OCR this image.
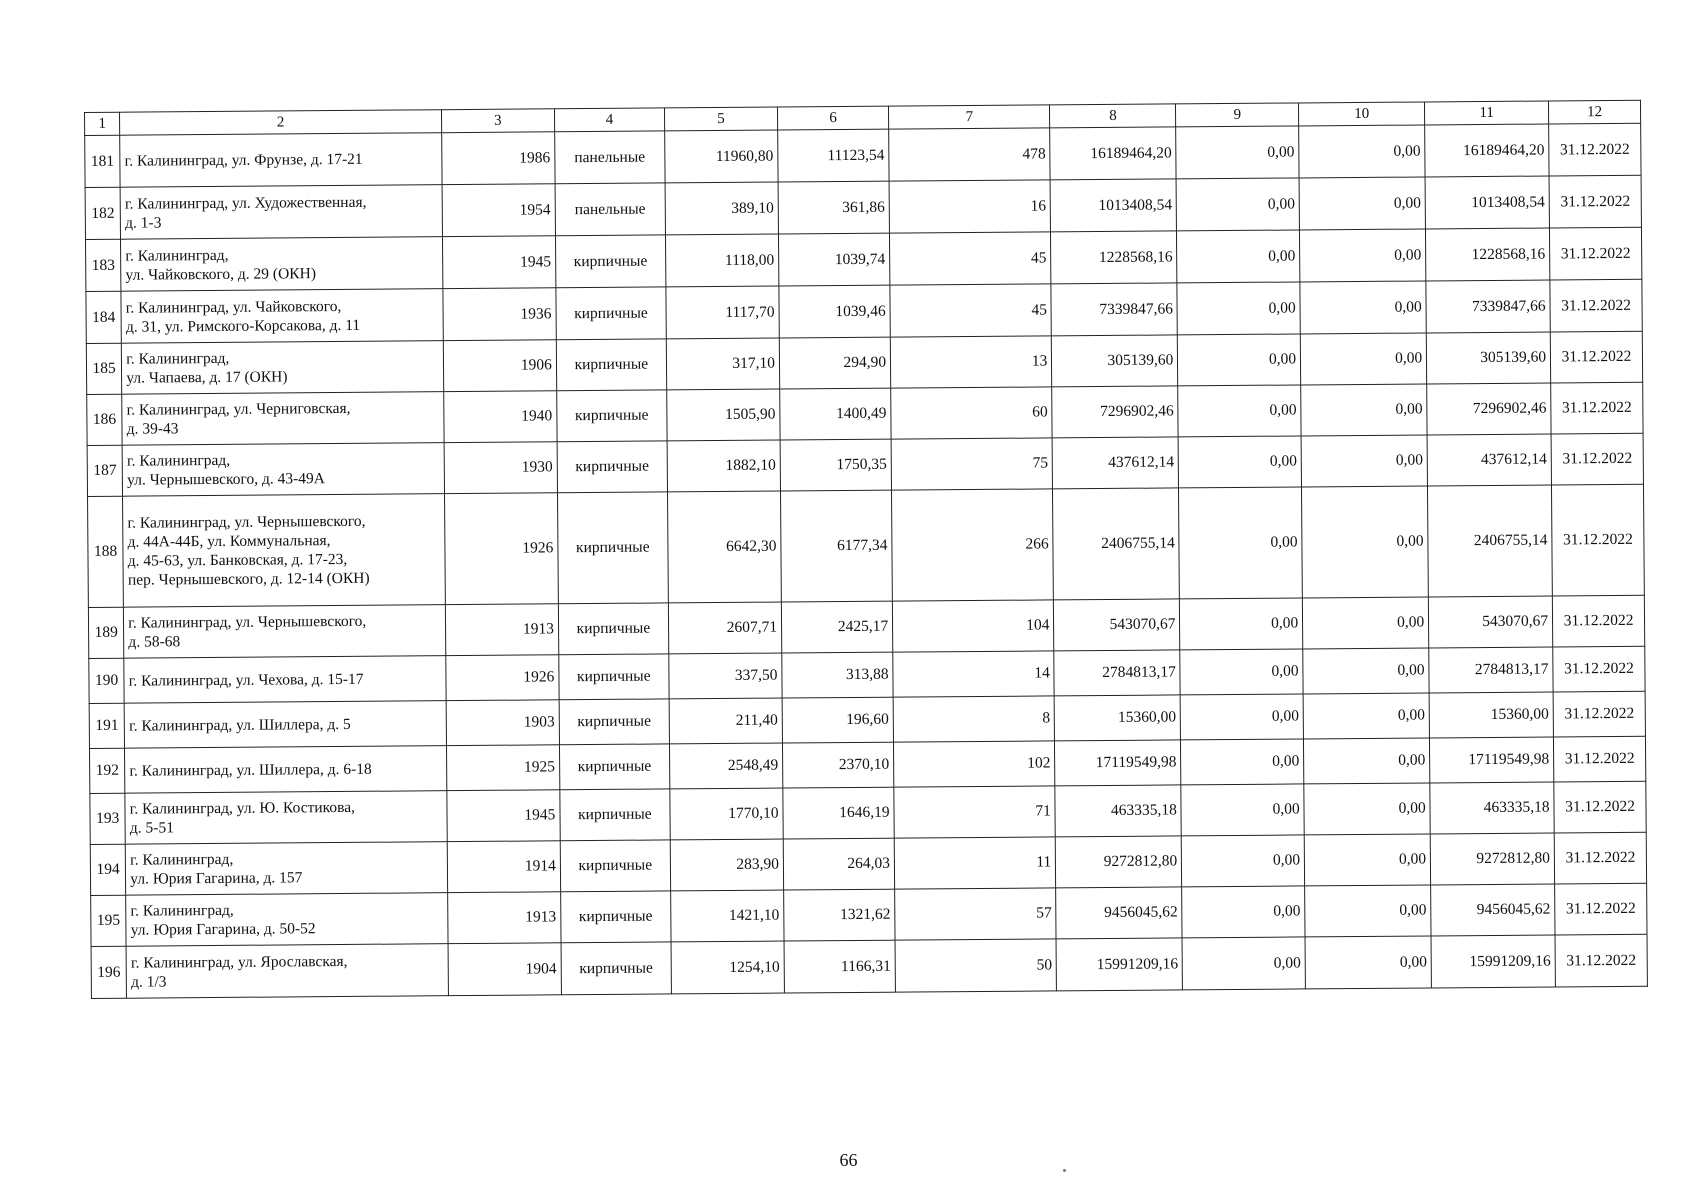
1	2	3	4	5	6	7	8	9	10	11	12
181	г. Калининград, ул. Фрунзе, д. 17-21	1986	панельные	11960,80	11123,54	478	16189464,20	0,00	0,00	16189464,20	31.12.2022
182	г. Калининград, ул. Художественная,
д. 1-3	1954	панельные	389,10	361,86	16	1013408,54	0,00	0,00	1013408,54	31.12.2022
183	г. Калининград,
ул. Чайковского, д. 29 (ОКН)	1945	кирпичные	1118,00	1039,74	45	1228568,16	0,00	0,00	1228568,16	31.12.2022
184	г. Калининград, ул. Чайковского,
д. 31, ул. Римского-Корсакова, д. 11	1936	кирпичные	1117,70	1039,46	45	7339847,66	0,00	0,00	7339847,66	31.12.2022
185	г. Калининград,
ул. Чапаева, д. 17 (ОКН)	1906	кирпичные	317,10	294,90	13	305139,60	0,00	0,00	305139,60	31.12.2022
186	г. Калининград, ул. Черниговская,
д. 39-43	1940	кирпичные	1505,90	1400,49	60	7296902,46	0,00	0,00	7296902,46	31.12.2022
187	г. Калининград,
ул. Чернышевского, д. 43-49А	1930	кирпичные	1882,10	1750,35	75	437612,14	0,00	0,00	437612,14	31.12.2022
188	г. Калининград, ул. Чернышевского,
д. 44А-44Б, ул. Коммунальная,
д. 45-63, ул. Банковская, д. 17-23,
пер. Чернышевского, д. 12-14 (ОКН)	1926	кирпичные	6642,30	6177,34	266	2406755,14	0,00	0,00	2406755,14	31.12.2022
189	г. Калининград, ул. Чернышевского,
д. 58-68	1913	кирпичные	2607,71	2425,17	104	543070,67	0,00	0,00	543070,67	31.12.2022
190	г. Калининград, ул. Чехова, д. 15-17	1926	кирпичные	337,50	313,88	14	2784813,17	0,00	0,00	2784813,17	31.12.2022
191	г. Калининград, ул. Шиллера, д. 5	1903	кирпичные	211,40	196,60	8	15360,00	0,00	0,00	15360,00	31.12.2022
192	г. Калининград, ул. Шиллера, д. 6-18	1925	кирпичные	2548,49	2370,10	102	17119549,98	0,00	0,00	17119549,98	31.12.2022
193	г. Калининград, ул. Ю. Костикова,
д. 5-51	1945	кирпичные	1770,10	1646,19	71	463335,18	0,00	0,00	463335,18	31.12.2022
194	г. Калининград,
ул. Юрия Гагарина, д. 157	1914	кирпичные	283,90	264,03	11	9272812,80	0,00	0,00	9272812,80	31.12.2022
195	г. Калининград,
ул. Юрия Гагарина, д. 50-52	1913	кирпичные	1421,10	1321,62	57	9456045,62	0,00	0,00	9456045,62	31.12.2022
196	г. Калининград, ул. Ярославская,
д. 1/3	1904	кирпичные	1254,10	1166,31	50	15991209,16	0,00	0,00	15991209,16	31.12.2022
66
